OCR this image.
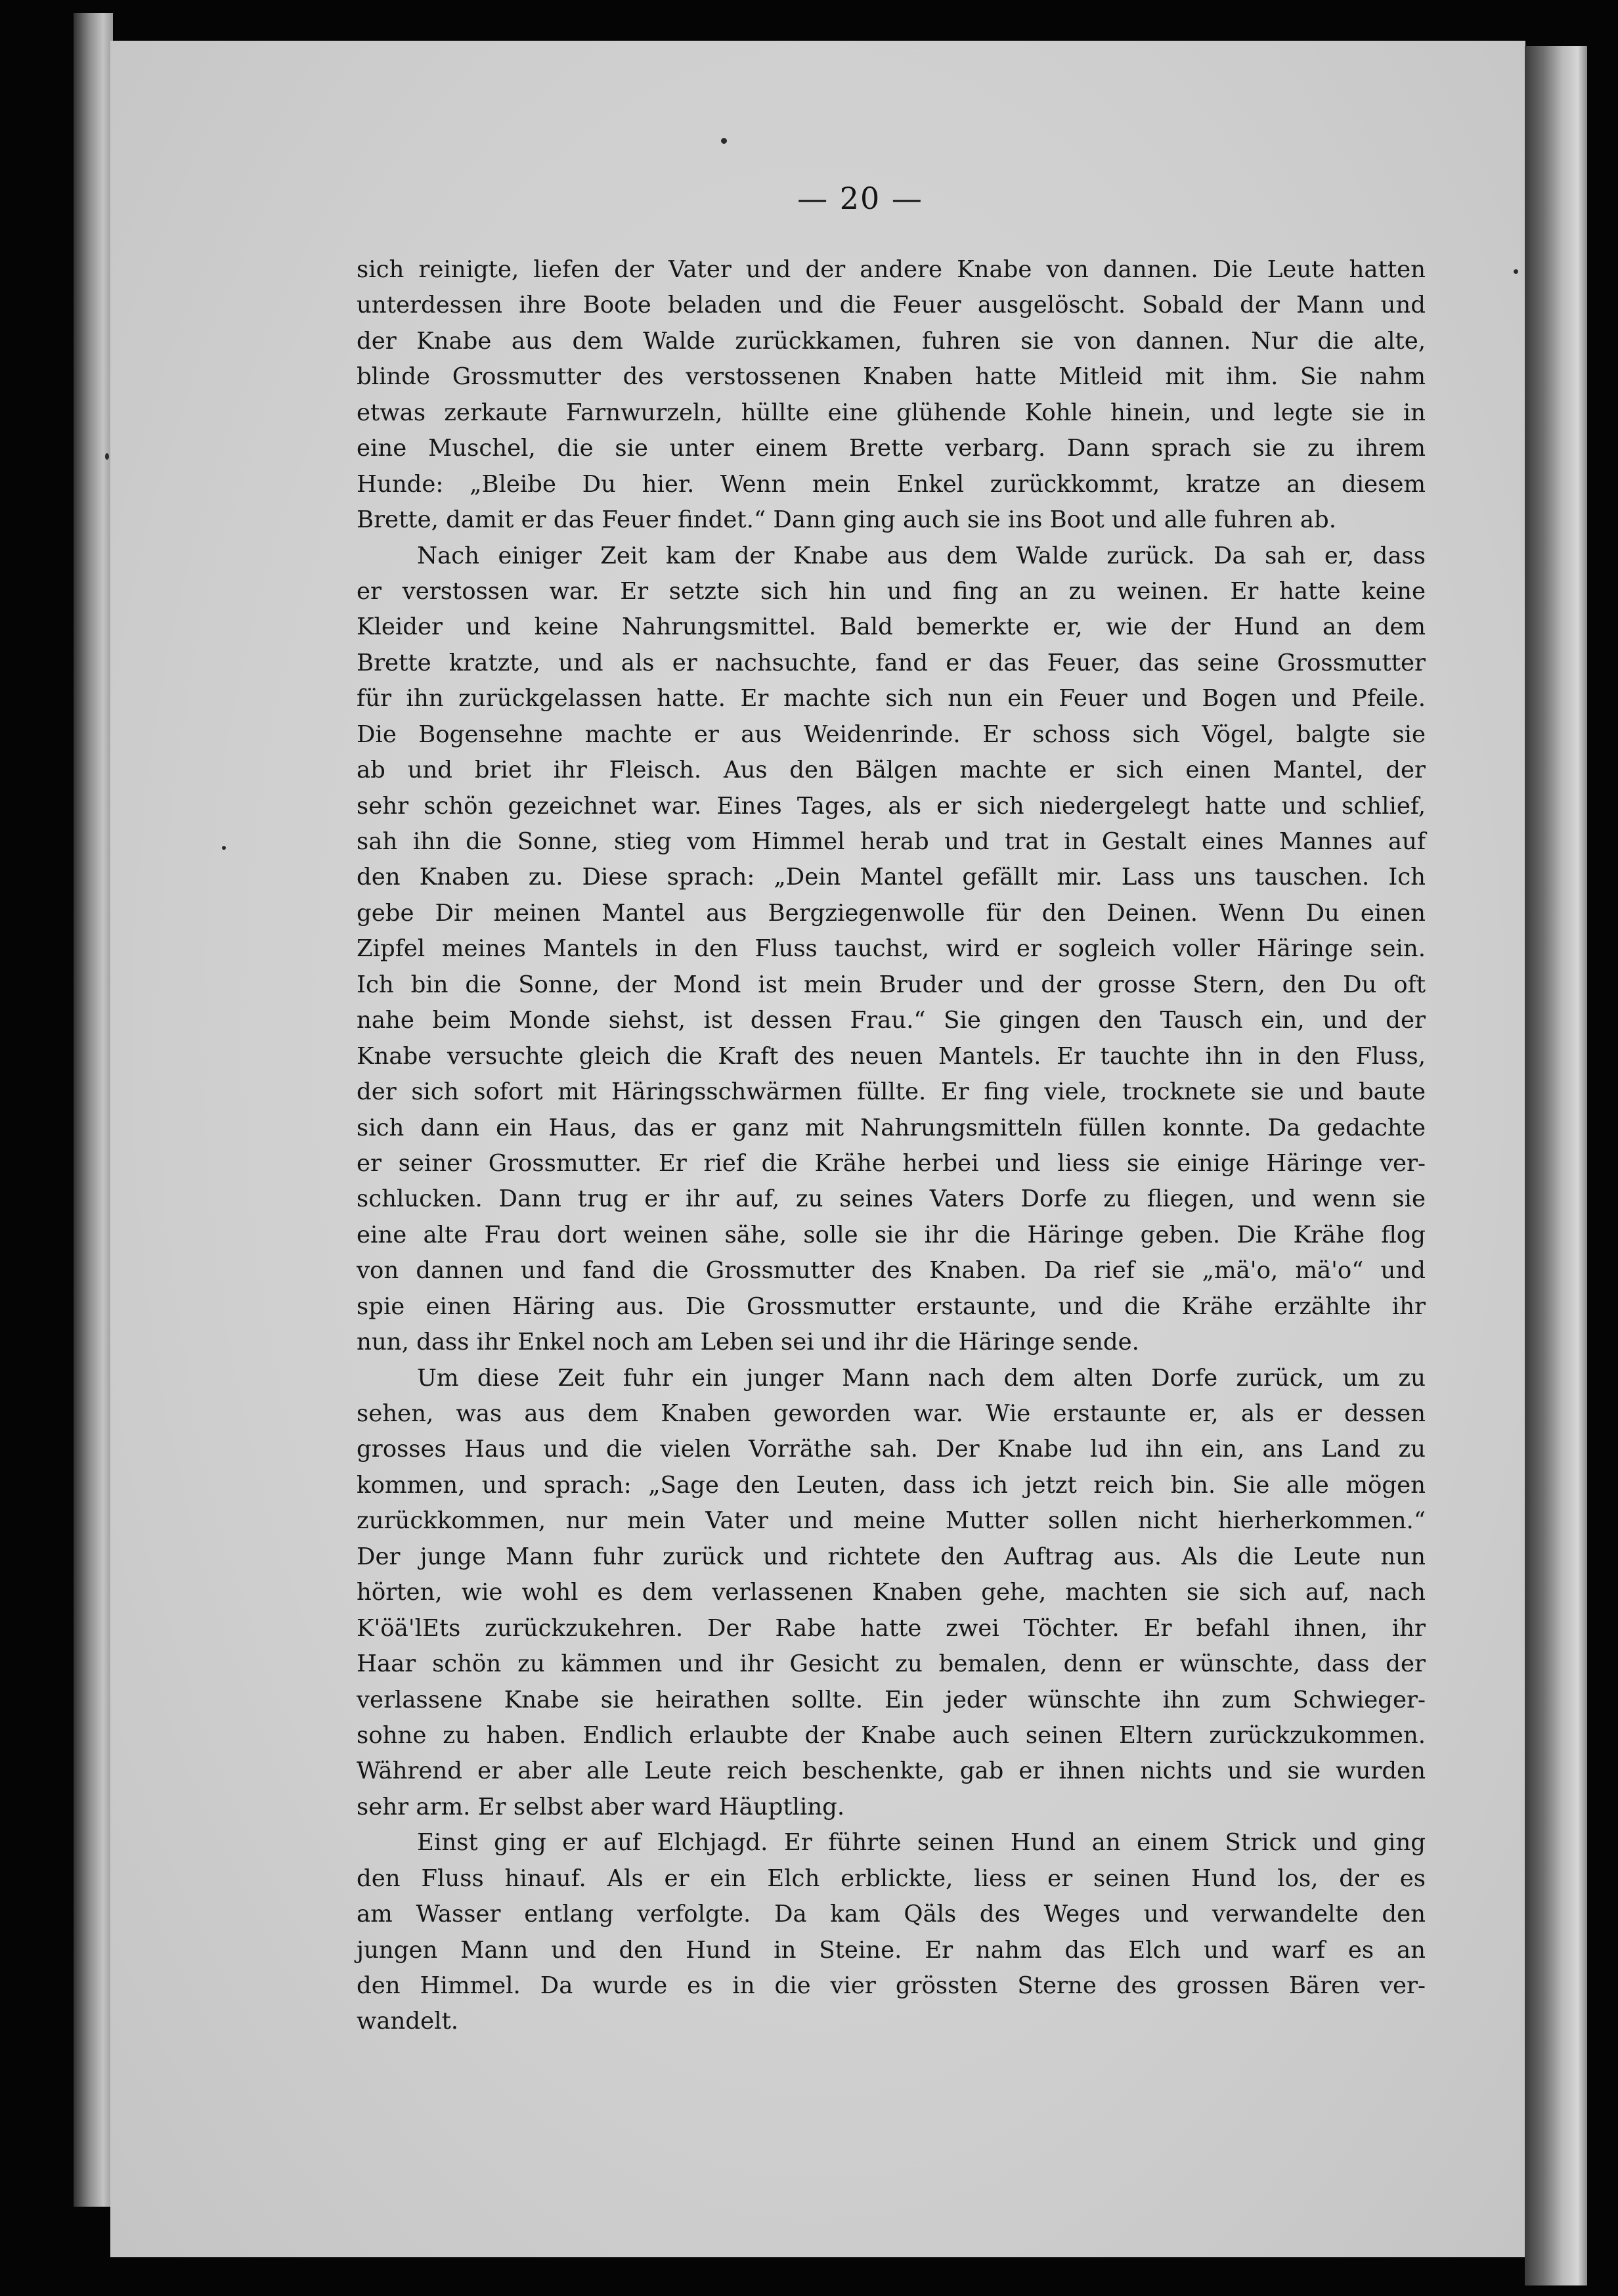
— 20 —
sich reinigte, liefen der Vater und der andere Knabe von dannen. Die Leute hatten
unterdessen ihre Boote beladen und die Feuer ausgelöscht. Sobald der Mann und
der Knabe aus dem Walde zurückkamen, fuhren sie von dannen. Nur die alte,
blinde Grossmutter des verstossenen Knaben hatte Mitleid mit ihm. Sie nahm
etwas zerkaute Farnwurzeln, hüllte eine glühende Kohle hinein, und legte sie in
eine Muschel, die sie unter einem Brette verbarg. Dann sprach sie zu ihrem
Hunde: „Bleibe Du hier. Wenn mein Enkel zurückkommt, kratze an diesem
Brette, damit er das Feuer findet.“ Dann ging auch sie ins Boot und alle fuhren ab.
Nach einiger Zeit kam der Knabe aus dem Walde zurück. Da sah er, dass
er verstossen war. Er setzte sich hin und fing an zu weinen. Er hatte keine
Kleider und keine Nahrungsmittel. Bald bemerkte er, wie der Hund an dem
Brette kratzte, und als er nachsuchte, fand er das Feuer, das seine Grossmutter
für ihn zurückgelassen hatte. Er machte sich nun ein Feuer und Bogen und Pfeile.
Die Bogensehne machte er aus Weidenrinde. Er schoss sich Vögel, balgte sie
ab und briet ihr Fleisch. Aus den Bälgen machte er sich einen Mantel, der
sehr schön gezeichnet war. Eines Tages, als er sich niedergelegt hatte und schlief,
sah ihn die Sonne, stieg vom Himmel herab und trat in Gestalt eines Mannes auf
den Knaben zu. Diese sprach: „Dein Mantel gefällt mir. Lass uns tauschen. Ich
gebe Dir meinen Mantel aus Bergziegenwolle für den Deinen. Wenn Du einen
Zipfel meines Mantels in den Fluss tauchst, wird er sogleich voller Häringe sein.
Ich bin die Sonne, der Mond ist mein Bruder und der grosse Stern, den Du oft
nahe beim Monde siehst, ist dessen Frau.“ Sie gingen den Tausch ein, und der
Knabe versuchte gleich die Kraft des neuen Mantels. Er tauchte ihn in den Fluss,
der sich sofort mit Häringsschwärmen füllte. Er fing viele, trocknete sie und baute
sich dann ein Haus, das er ganz mit Nahrungsmitteln füllen konnte. Da gedachte
er seiner Grossmutter. Er rief die Krähe herbei und liess sie einige Häringe ver-
schlucken. Dann trug er ihr auf, zu seines Vaters Dorfe zu fliegen, und wenn sie
eine alte Frau dort weinen sähe, solle sie ihr die Häringe geben. Die Krähe flog
von dannen und fand die Grossmutter des Knaben. Da rief sie „mä'o, mä'o“ und
spie einen Häring aus. Die Grossmutter erstaunte, und die Krähe erzählte ihr
nun, dass ihr Enkel noch am Leben sei und ihr die Häringe sende.
Um diese Zeit fuhr ein junger Mann nach dem alten Dorfe zurück, um zu
sehen, was aus dem Knaben geworden war. Wie erstaunte er, als er dessen
grosses Haus und die vielen Vorräthe sah. Der Knabe lud ihn ein, ans Land zu
kommen, und sprach: „Sage den Leuten, dass ich jetzt reich bin. Sie alle mögen
zurückkommen, nur mein Vater und meine Mutter sollen nicht hierherkommen.“
Der junge Mann fuhr zurück und richtete den Auftrag aus. Als die Leute nun
hörten, wie wohl es dem verlassenen Knaben gehe, machten sie sich auf, nach
K'öä'lEts zurückzukehren. Der Rabe hatte zwei Töchter. Er befahl ihnen, ihr
Haar schön zu kämmen und ihr Gesicht zu bemalen, denn er wünschte, dass der
verlassene Knabe sie heirathen sollte. Ein jeder wünschte ihn zum Schwieger-
sohne zu haben. Endlich erlaubte der Knabe auch seinen Eltern zurückzukommen.
Während er aber alle Leute reich beschenkte, gab er ihnen nichts und sie wurden
sehr arm. Er selbst aber ward Häuptling.
Einst ging er auf Elchjagd. Er führte seinen Hund an einem Strick und ging
den Fluss hinauf. Als er ein Elch erblickte, liess er seinen Hund los, der es
am Wasser entlang verfolgte. Da kam Qäls des Weges und verwandelte den
jungen Mann und den Hund in Steine. Er nahm das Elch und warf es an
den Himmel. Da wurde es in die vier grössten Sterne des grossen Bären ver-
wandelt.
